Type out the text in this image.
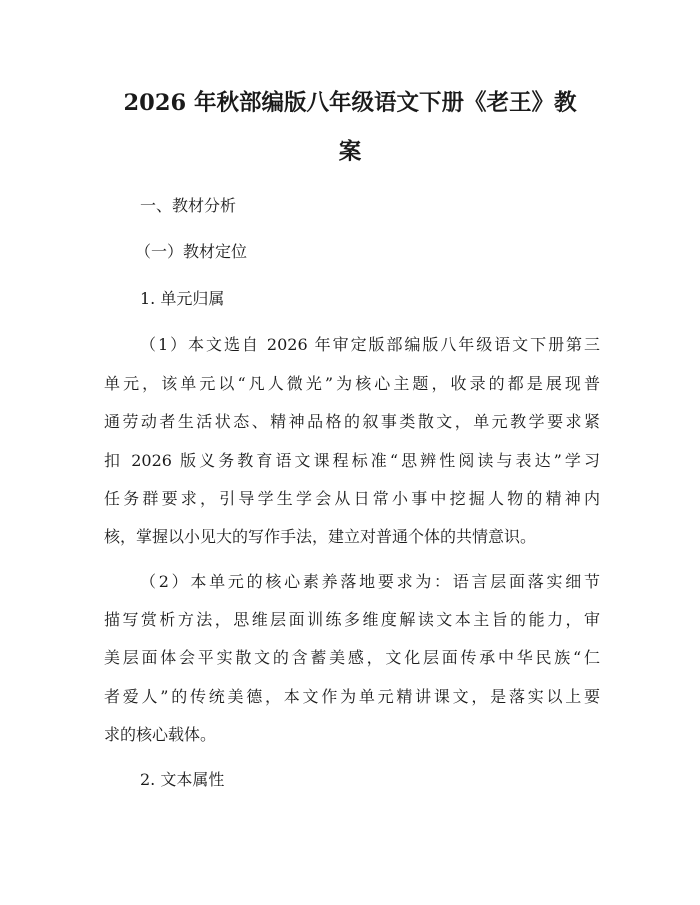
2026 年秋部编版八年级语文下册《老王》教
案
一、教材分析
（一）教材定位
1. 单元归属
（1）本文选自 2026 年审定版部编版八年级语文下册第三
单元，该单元以“凡人微光”为核心主题，收录的都是展现普
通劳动者生活状态、精神品格的叙事类散文，单元教学要求紧
扣 2026 版义务教育语文课程标准“思辨性阅读与表达”学习
任务群要求，引导学生学会从日常小事中挖掘人物的精神内
核，掌握以小见大的写作手法，建立对普通个体的共情意识。
（2）本单元的核心素养落地要求为：语言层面落实细节
描写赏析方法，思维层面训练多维度解读文本主旨的能力，审
美层面体会平实散文的含蓄美感，文化层面传承中华民族“仁
者爱人”的传统美德，本文作为单元精讲课文，是落实以上要
求的核心载体。
2. 文本属性
